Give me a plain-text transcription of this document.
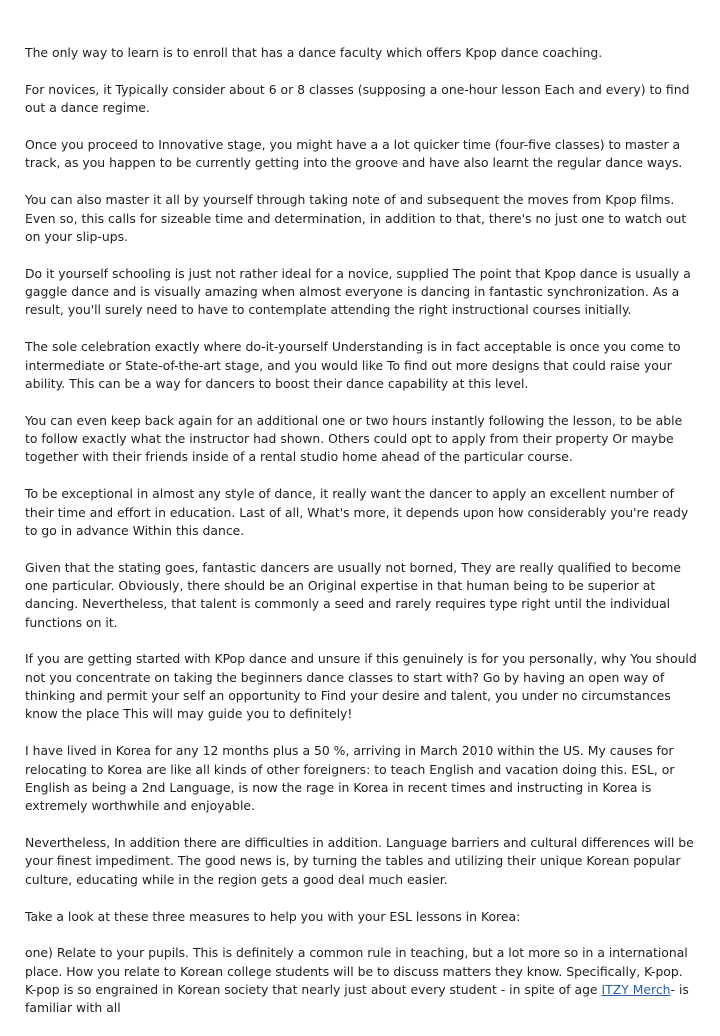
The only way to learn is to enroll that has a dance faculty which offers Kpop dance coaching.

For novices, it Typically consider about 6 or 8 classes (supposing a one-hour lesson Each and every) to find out a dance regime.

Once you proceed to Innovative stage, you might have a a lot quicker time (four-five classes) to master a track, as you happen to be currently getting into the groove and have also learnt the regular dance ways.

You can also master it all by yourself through taking note of and subsequent the moves from Kpop films. Even so, this calls for sizeable time and determination, in addition to that, there's no just one to watch out on your slip-ups.

Do it yourself schooling is just not rather ideal for a novice, supplied The point that Kpop dance is usually a gaggle dance and is visually amazing when almost everyone is dancing in fantastic synchronization. As a result, you'll surely need to have to contemplate attending the right instructional courses initially.

The sole celebration exactly where do-it-yourself Understanding is in fact acceptable is once you come to intermediate or State-of-the-art stage, and you would like To find out more designs that could raise your ability. This can be a way for dancers to boost their dance capability at this level.

You can even keep back again for an additional one or two hours instantly following the lesson, to be able to follow exactly what the instructor had shown. Others could opt to apply from their property Or maybe together with their friends inside of a rental studio home ahead of the particular course.

To be exceptional in almost any style of dance, it really want the dancer to apply an excellent number of their time and effort in education. Last of all, What's more, it depends upon how considerably you're ready to go in advance Within this dance.

Given that the stating goes, fantastic dancers are usually not borned, They are really qualified to become one particular. Obviously, there should be an Original expertise in that human being to be superior at dancing. Nevertheless, that talent is commonly a seed and rarely requires type right until the individual functions on it.

If you are getting started with KPop dance and unsure if this genuinely is for you personally, why You should not you concentrate on taking the beginners dance classes to start with? Go by having an open way of thinking and permit your self an opportunity to Find your desire and talent, you under no circumstances know the place This will may guide you to definitely!

I have lived in Korea for any 12 months plus a 50 %, arriving in March 2010 within the US. My causes for relocating to Korea are like all kinds of other foreigners: to teach English and vacation doing this. ESL, or English as being a 2nd Language, is now the rage in Korea in recent times and instructing in Korea is extremely worthwhile and enjoyable.

Nevertheless, In addition there are difficulties in addition. Language barriers and cultural differences will be your finest impediment. The good news is, by turning the tables and utilizing their unique Korean popular culture, educating while in the region gets a good deal much easier.

Take a look at these three measures to help you with your ESL lessons in Korea:

one) Relate to your pupils. This is definitely a common rule in teaching, but a lot more so in a international place. How you relate to Korean college students will be to discuss matters they know. Specifically, K-pop. K-pop is so engrained in Korean society that nearly just about every student - in spite of age ITZY Merch- is familiar with all
